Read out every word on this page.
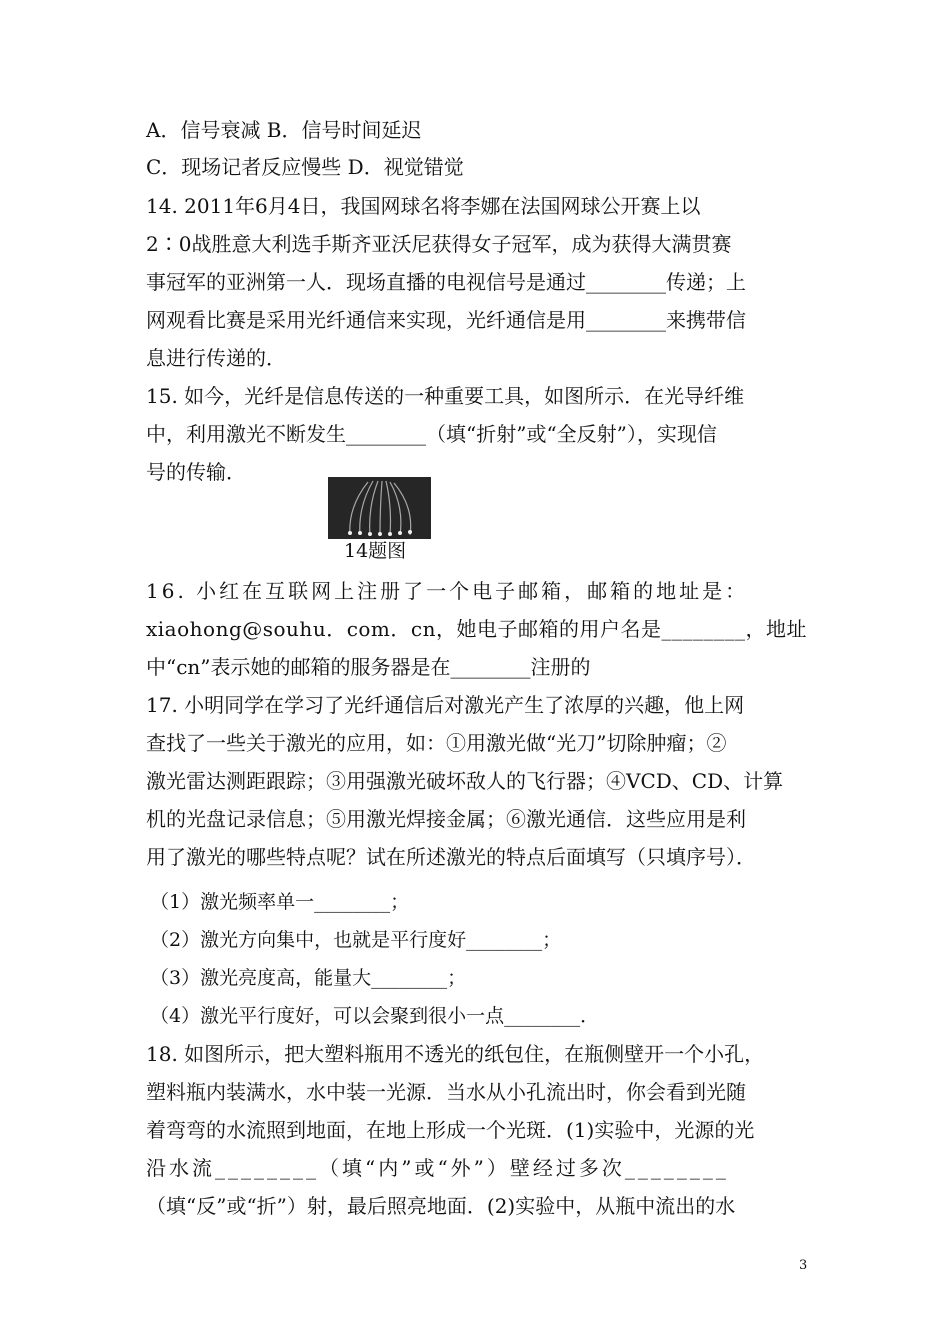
A．信号衰减 B．信号时间延迟
C．现场记者反应慢些 D．视觉错觉
14. 2011年6月4日，我国网球名将李娜在法国网球公开赛上以
2∶0战胜意大利选手斯齐亚沃尼获得女子冠军，成为获得大满贯赛
事冠军的亚洲第一人．现场直播的电视信号是通过________传递；上
网观看比赛是采用光纤通信来实现，光纤通信是用________来携带信
息进行传递的．
15. 如今，光纤是信息传送的一种重要工具，如图所示．在光导纤维
中，利用激光不断发生________（填“折射”或“全反射”），实现信
号的传输．
14题图
16. 小红在互联网上注册了一个电子邮箱，邮箱的地址是：
xiaohong@souhu．com．cn，她电子邮箱的用户名是________，地址
中“cn”表示她的邮箱的服务器是在________注册的
17. 小明同学在学习了光纤通信后对激光产生了浓厚的兴趣，他上网
查找了一些关于激光的应用，如：①用激光做“光刀”切除肿瘤；②
激光雷达测距跟踪；③用强激光破坏敌人的飞行器；④VCD、CD、计算
机的光盘记录信息；⑤用激光焊接金属；⑥激光通信．这些应用是利
用了激光的哪些特点呢？试在所述激光的特点后面填写（只填序号）．
（1）激光频率单一________；
（2）激光方向集中，也就是平行度好________；
（3）激光亮度高，能量大________；
（4）激光平行度好，可以会聚到很小一点________．
18. 如图所示，把大塑料瓶用不透光的纸包住，在瓶侧壁开一个小孔，
塑料瓶内装满水，水中装一光源．当水从小孔流出时，你会看到光随
着弯弯的水流照到地面，在地上形成一个光斑．(1)实验中，光源的光
沿水流________（填“内”或“外”）壁经过多次________
（填“反”或“折”）射，最后照亮地面．(2)实验中，从瓶中流出的水
3
